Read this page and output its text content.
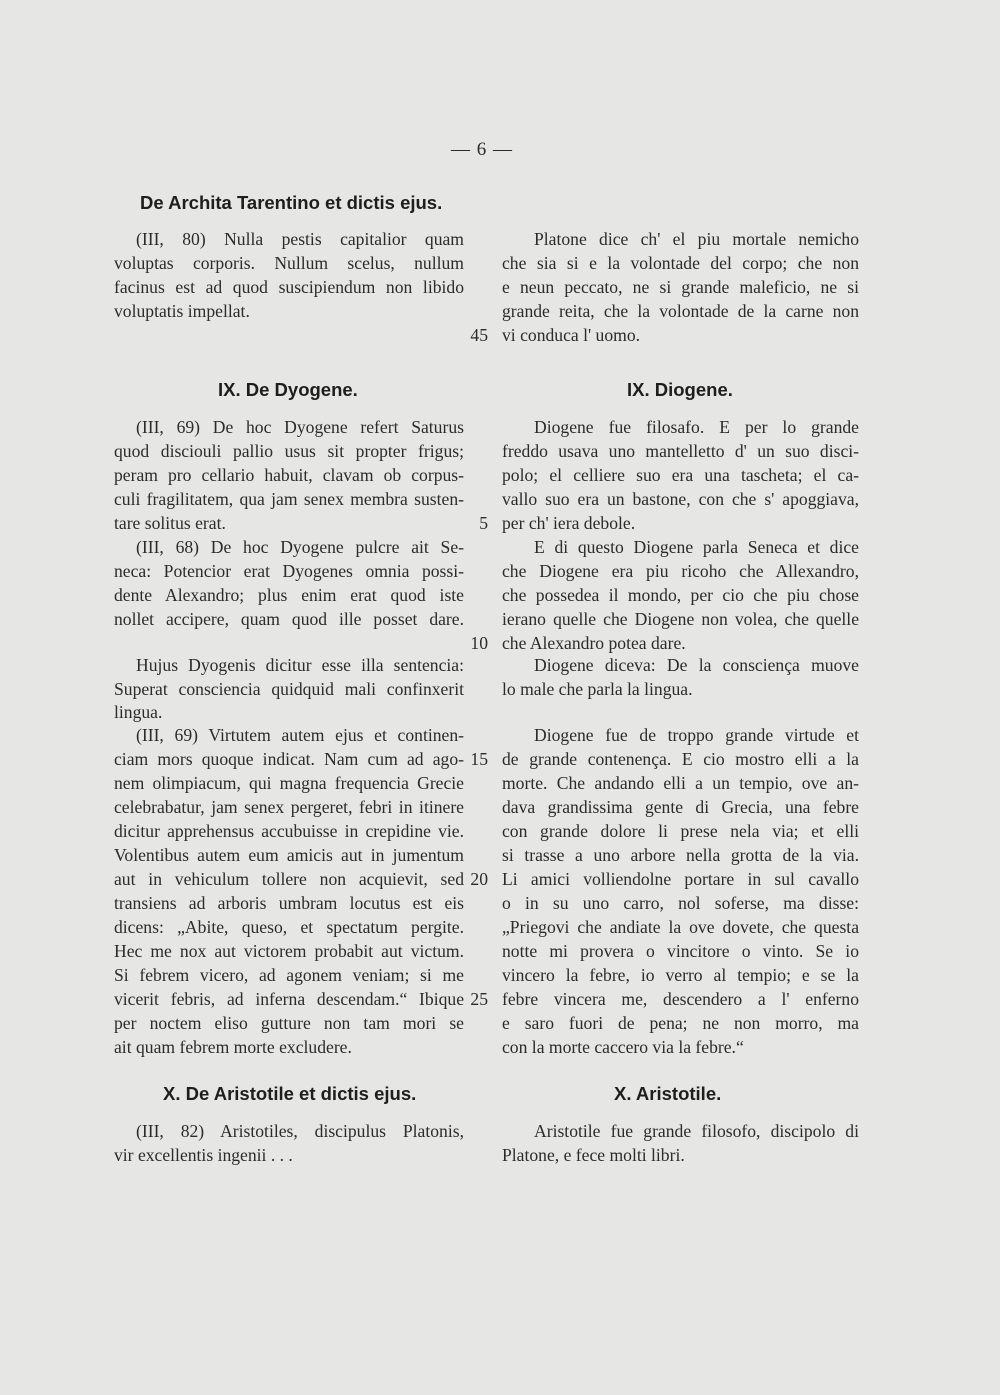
— 6 —
De Archita Tarentino et dictis ejus.
(III, 80) Nulla pestis capitalior quam
voluptas corporis. Nullum scelus, nullum
facinus est ad quod suscipiendum non libido
voluptatis impellat.
Platone dice ch' el piu mortale nemicho
che sia si e la volontade del corpo; che non
e neun peccato, ne si grande maleficio, ne si
grande reita, che la volontade de la carne non
vi conduca l' uomo.
45
IX. De Dyogene.	IX. Diogene.
(III, 69) De hoc Dyogene refert Saturus
quod disciouli pallio usus sit propter frigus;
peram pro cellario habuit, clavam ob corpus-
culi fragilitatem, qua jam senex membra susten-
tare solitus erat.
(III, 68) De hoc Dyogene pulcre ait Se-
neca: Potencior erat Dyogenes omnia possi-
dente Alexandro; plus enim erat quod iste
nollet accipere, quam quod ille posset dare.
Hujus Dyogenis dicitur esse illa sentencia:
Superat consciencia quidquid mali confinxerit
lingua.
(III, 69) Virtutem autem ejus et continen-
ciam mors quoque indicat. Nam cum ad ago-
nem olimpiacum, qui magna frequencia Grecie
celebrabatur, jam senex pergeret, febri in itinere
dicitur apprehensus accubuisse in crepidine vie.
Volentibus autem eum amicis aut in jumentum
aut in vehiculum tollere non acquievit, sed
transiens ad arboris umbram locutus est eis
dicens: „Abite, queso, et spectatum pergite.
Hec me nox aut victorem probabit aut victum.
Si febrem vicero, ad agonem veniam; si me
vicerit febris, ad inferna descendam.“ Ibique
per noctem eliso gutture non tam mori se
ait quam febrem morte excludere.
Diogene fue filosafo. E per lo grande
freddo usava uno mantelletto d' un suo disci-
polo; el celliere suo era una tascheta; el ca-
vallo suo era un bastone, con che s' apoggiava,
per ch' iera debole.
E di questo Diogene parla Seneca et dice
che Diogene era piu ricoho che Allexandro,
che possedea il mondo, per cio che piu chose
ierano quelle che Diogene non volea, che quelle
che Alexandro potea dare.
Diogene diceva: De la consciença muove
lo male che parla la lingua.
Diogene fue de troppo grande virtude et
de grande contenença. E cio mostro elli a la
morte. Che andando elli a un tempio, ove an-
dava grandissima gente di Grecia, una febre
con grande dolore li prese nela via; et elli
si trasse a uno arbore nella grotta de la via.
Li amici volliendolne portare in sul cavallo
o in su uno carro, nol soferse, ma disse:
„Priegovi che andiate la ove dovete, che questa
notte mi provera o vincitore o vinto. Se io
vincero la febre, io verro al tempio; e se la
febre vincera me, descendero a l' enferno
e saro fuori de pena; ne non morro, ma
con la morte caccero via la febre.“
5
10
15
20
25
X. De Aristotile et dictis ejus.	X. Aristotile.
(III, 82) Aristotiles, discipulus Platonis,
vir excellentis ingenii . . .
Aristotile fue grande filosofo, discipolo di
Platone, e fece molti libri.
